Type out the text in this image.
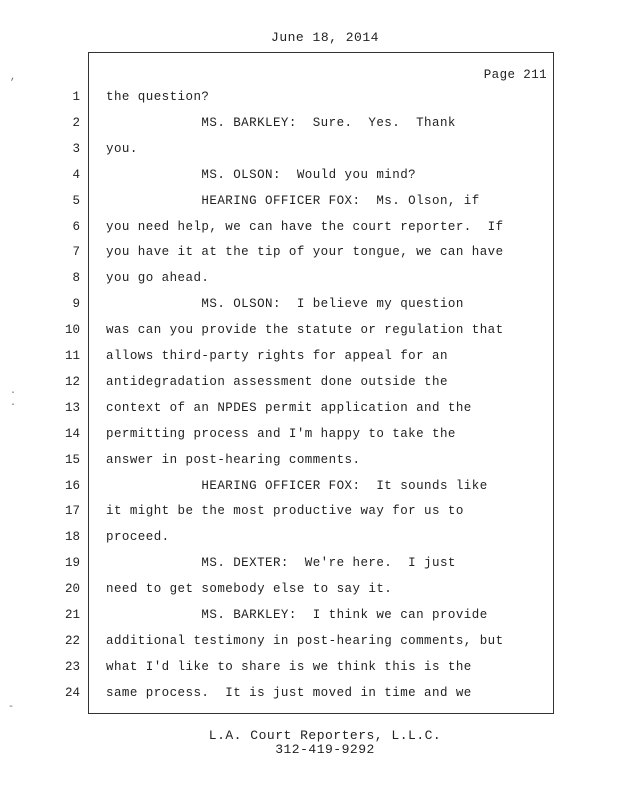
June 18, 2014
Page 211
1 the question?
2 MS. BARKLEY:  Sure.  Yes.  Thank
3 you.
4 MS. OLSON:  Would you mind?
5 HEARING OFFICER FOX:  Ms. Olson, if
6 you need help, we can have the court reporter.  If
7 you have it at the tip of your tongue, we can have
8 you go ahead.
9 MS. OLSON:  I believe my question
10 was can you provide the statute or regulation that
11 allows third-party rights for appeal for an
12 antidegradation assessment done outside the
13 context of an NPDES permit application and the
14 permitting process and I'm happy to take the
15 answer in post-hearing comments.
16 HEARING OFFICER FOX:  It sounds like
17 it might be the most productive way for us to
18 proceed.
19 MS. DEXTER:  We're here.  I just
20 need to get somebody else to say it.
21 MS. BARKLEY:  I think we can provide
22 additional testimony in post-hearing comments, but
23 what I'd like to share is we think this is the
24 same process.  It is just moved in time and we
L.A. Court Reporters, L.L.C.
312-419-9292
,
·
·
‐
